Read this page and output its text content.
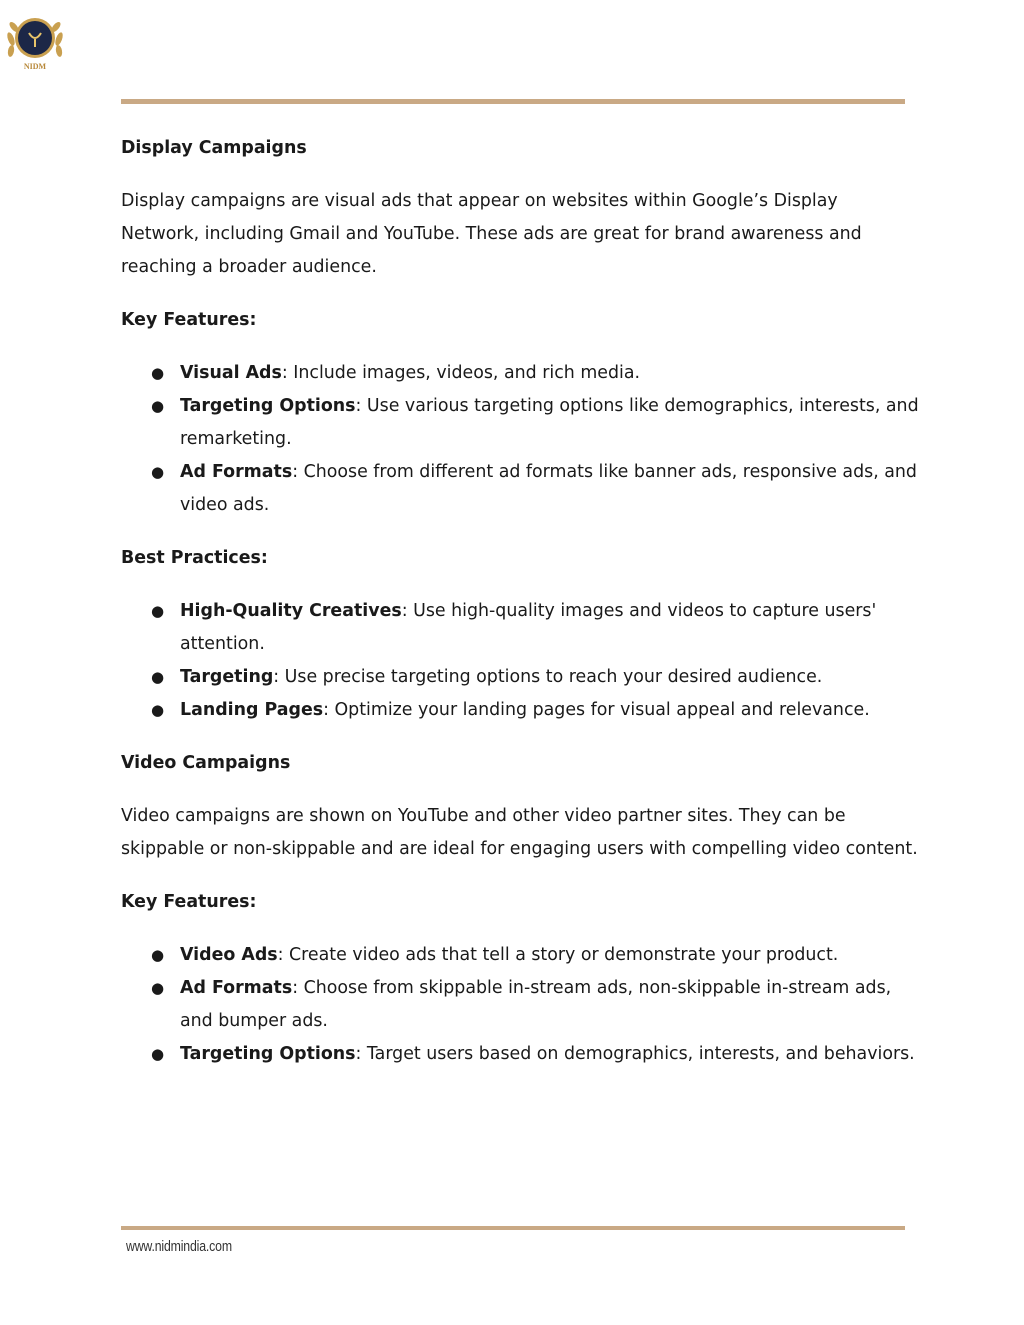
NIDM

Display Campaigns

Display campaigns are visual ads that appear on websites within Google’s Display Network, including Gmail and YouTube. These ads are great for brand awareness and reaching a broader audience.

Key Features:

● Visual Ads: Include images, videos, and rich media.
● Targeting Options: Use various targeting options like demographics, interests, and remarketing.
● Ad Formats: Choose from different ad formats like banner ads, responsive ads, and video ads.

Best Practices:

● High-Quality Creatives: Use high-quality images and videos to capture users' attention.
● Targeting: Use precise targeting options to reach your desired audience.
● Landing Pages: Optimize your landing pages for visual appeal and relevance.

Video Campaigns

Video campaigns are shown on YouTube and other video partner sites. They can be skippable or non-skippable and are ideal for engaging users with compelling video content.

Key Features:

● Video Ads: Create video ads that tell a story or demonstrate your product.
● Ad Formats: Choose from skippable in-stream ads, non-skippable in-stream ads, and bumper ads.
● Targeting Options: Target users based on demographics, interests, and behaviors.
www.nidmindia.com
